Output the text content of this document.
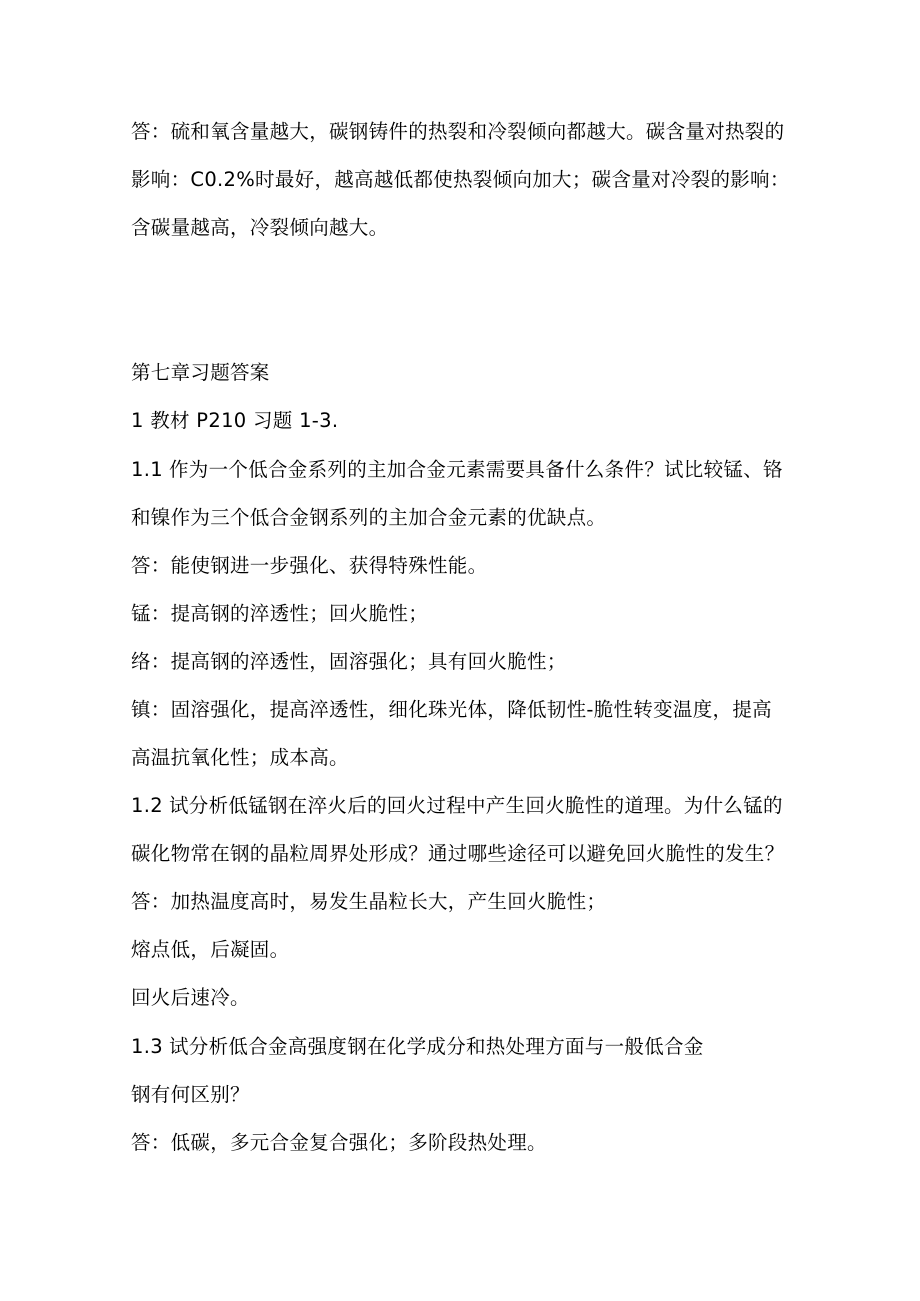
答：硫和氧含量越大，碳钢铸件的热裂和冷裂倾向都越大。碳含量对热裂的
影响：C0.2%时最好，越高越低都使热裂倾向加大；碳含量对冷裂的影响：
含碳量越高，冷裂倾向越大。
第七章习题答案
1 教材 P210 习题 1-3.
1.1 作为一个低合金系列的主加合金元素需要具备什么条件？试比较锰、铬
和镍作为三个低合金钢系列的主加合金元素的优缺点。
答：能使钢进一步强化、获得特殊性能。
锰：提高钢的淬透性；回火脆性；
络：提高钢的淬透性，固溶强化；具有回火脆性；
镇：固溶强化，提高淬透性，细化珠光体，降低韧性-脆性转变温度，提高
高温抗氧化性；成本高。
1.2 试分析低锰钢在淬火后的回火过程中产生回火脆性的道理。为什么锰的
碳化物常在钢的晶粒周界处形成？通过哪些途径可以避免回火脆性的发生？
答：加热温度高时，易发生晶粒长大，产生回火脆性；
熔点低，后凝固。
回火后速冷。
1.3 试分析低合金高强度钢在化学成分和热处理方面与一般低合金
钢有何区别？
答：低碳，多元合金复合强化；多阶段热处理。
